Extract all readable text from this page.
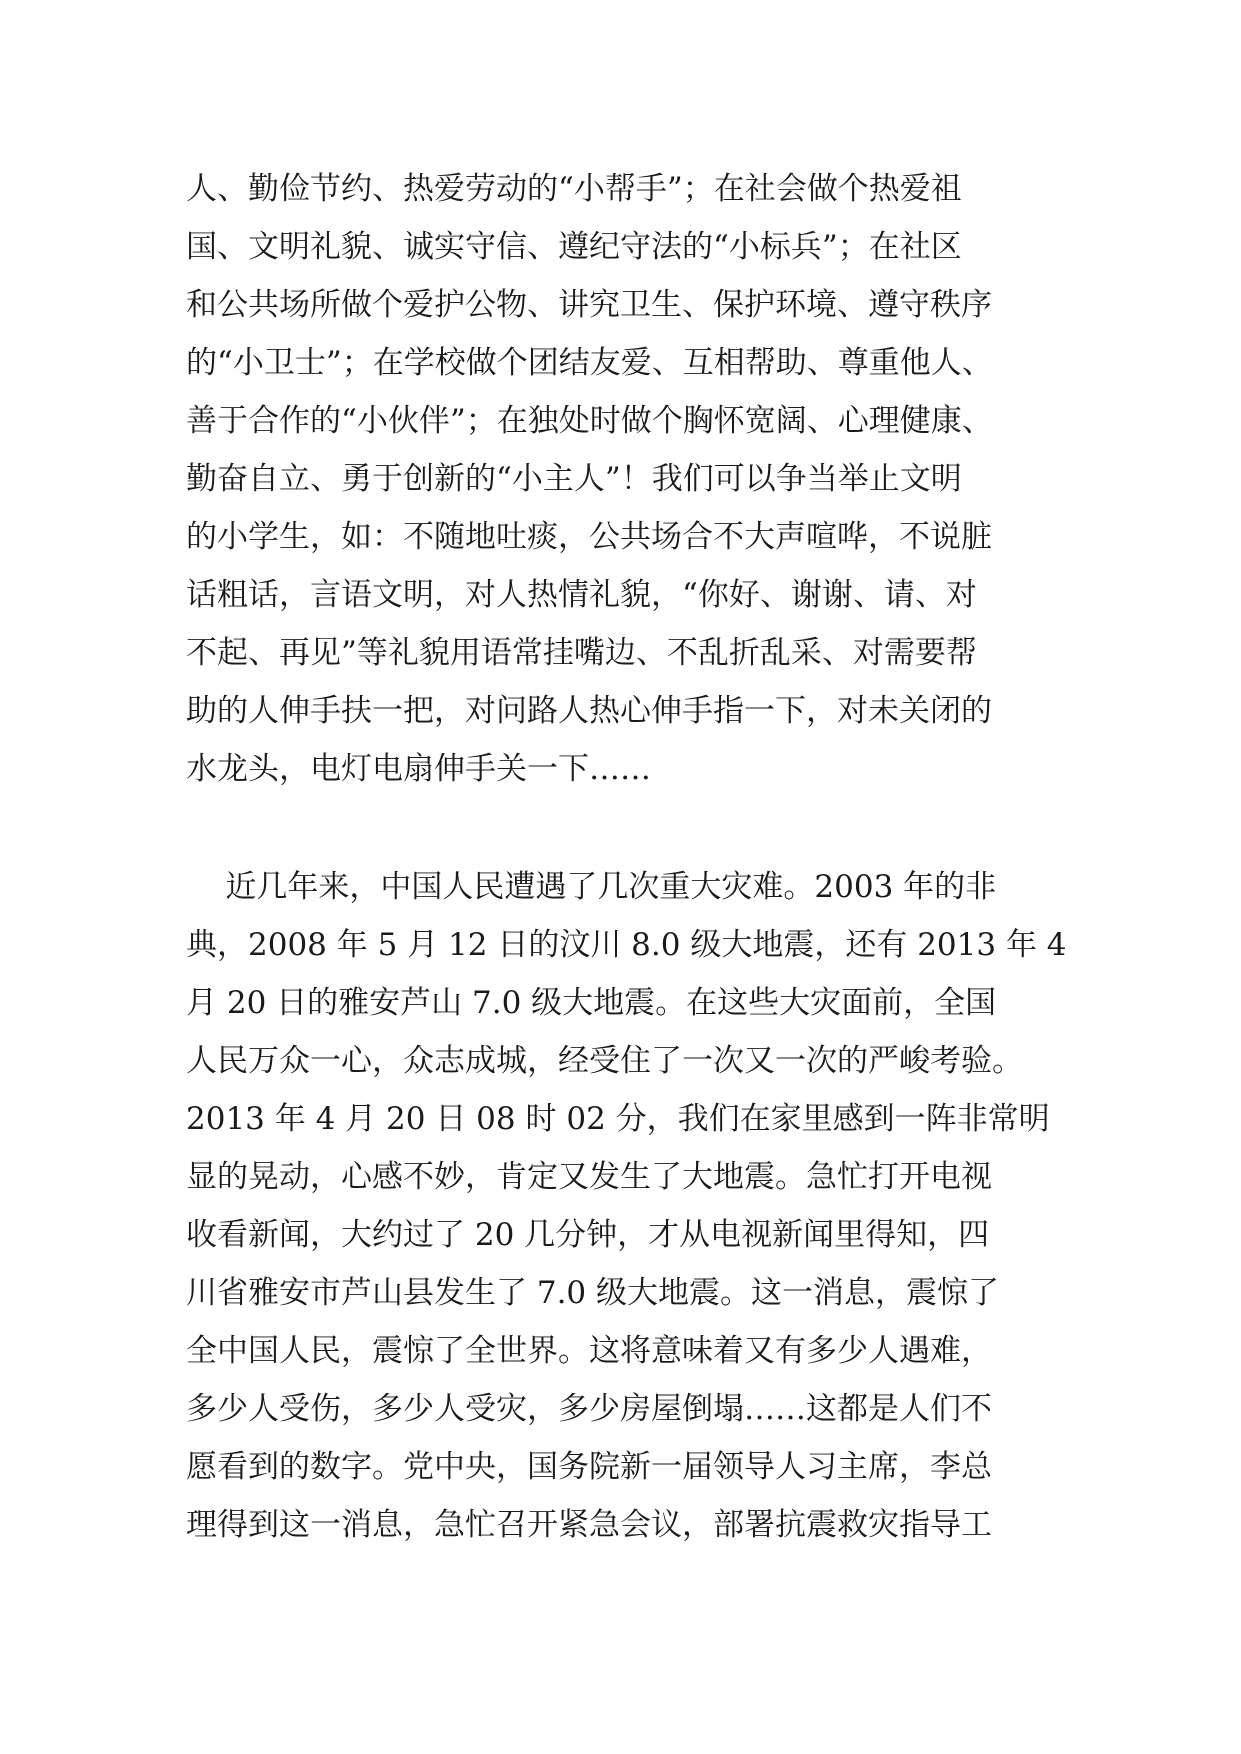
人、勤俭节约、热爱劳动的“小帮手”；在社会做个热爱祖
国、文明礼貌、诚实守信、遵纪守法的“小标兵”；在社区
和公共场所做个爱护公物、讲究卫生、保护环境、遵守秩序
的“小卫士”；在学校做个团结友爱、互相帮助、尊重他人、
善于合作的“小伙伴”；在独处时做个胸怀宽阔、心理健康、
勤奋自立、勇于创新的“小主人”！我们可以争当举止文明
的小学生，如：不随地吐痰，公共场合不大声喧哗，不说脏
话粗话，言语文明，对人热情礼貌，“你好、谢谢、请、对
不起、再见”等礼貌用语常挂嘴边、不乱折乱采、对需要帮
助的人伸手扶一把，对问路人热心伸手指一下，对未关闭的
水龙头，电灯电扇伸手关一下……
近几年来，中国人民遭遇了几次重大灾难。2003 年的非
典，2008 年 5 月 12 日的汶川 8.0 级大地震，还有 2013 年 4
月 20 日的雅安芦山 7.0 级大地震。在这些大灾面前，全国
人民万众一心，众志成城，经受住了一次又一次的严峻考验。
2013 年 4 月 20 日 08 时 02 分，我们在家里感到一阵非常明
显的晃动，心感不妙，肯定又发生了大地震。急忙打开电视
收看新闻，大约过了 20 几分钟，才从电视新闻里得知，四
川省雅安市芦山县发生了 7.0 级大地震。这一消息，震惊了
全中国人民，震惊了全世界。这将意味着又有多少人遇难，
多少人受伤，多少人受灾，多少房屋倒塌……这都是人们不
愿看到的数字。党中央，国务院新一届领导人习主席，李总
理得到这一消息，急忙召开紧急会议，部署抗震救灾指导工
